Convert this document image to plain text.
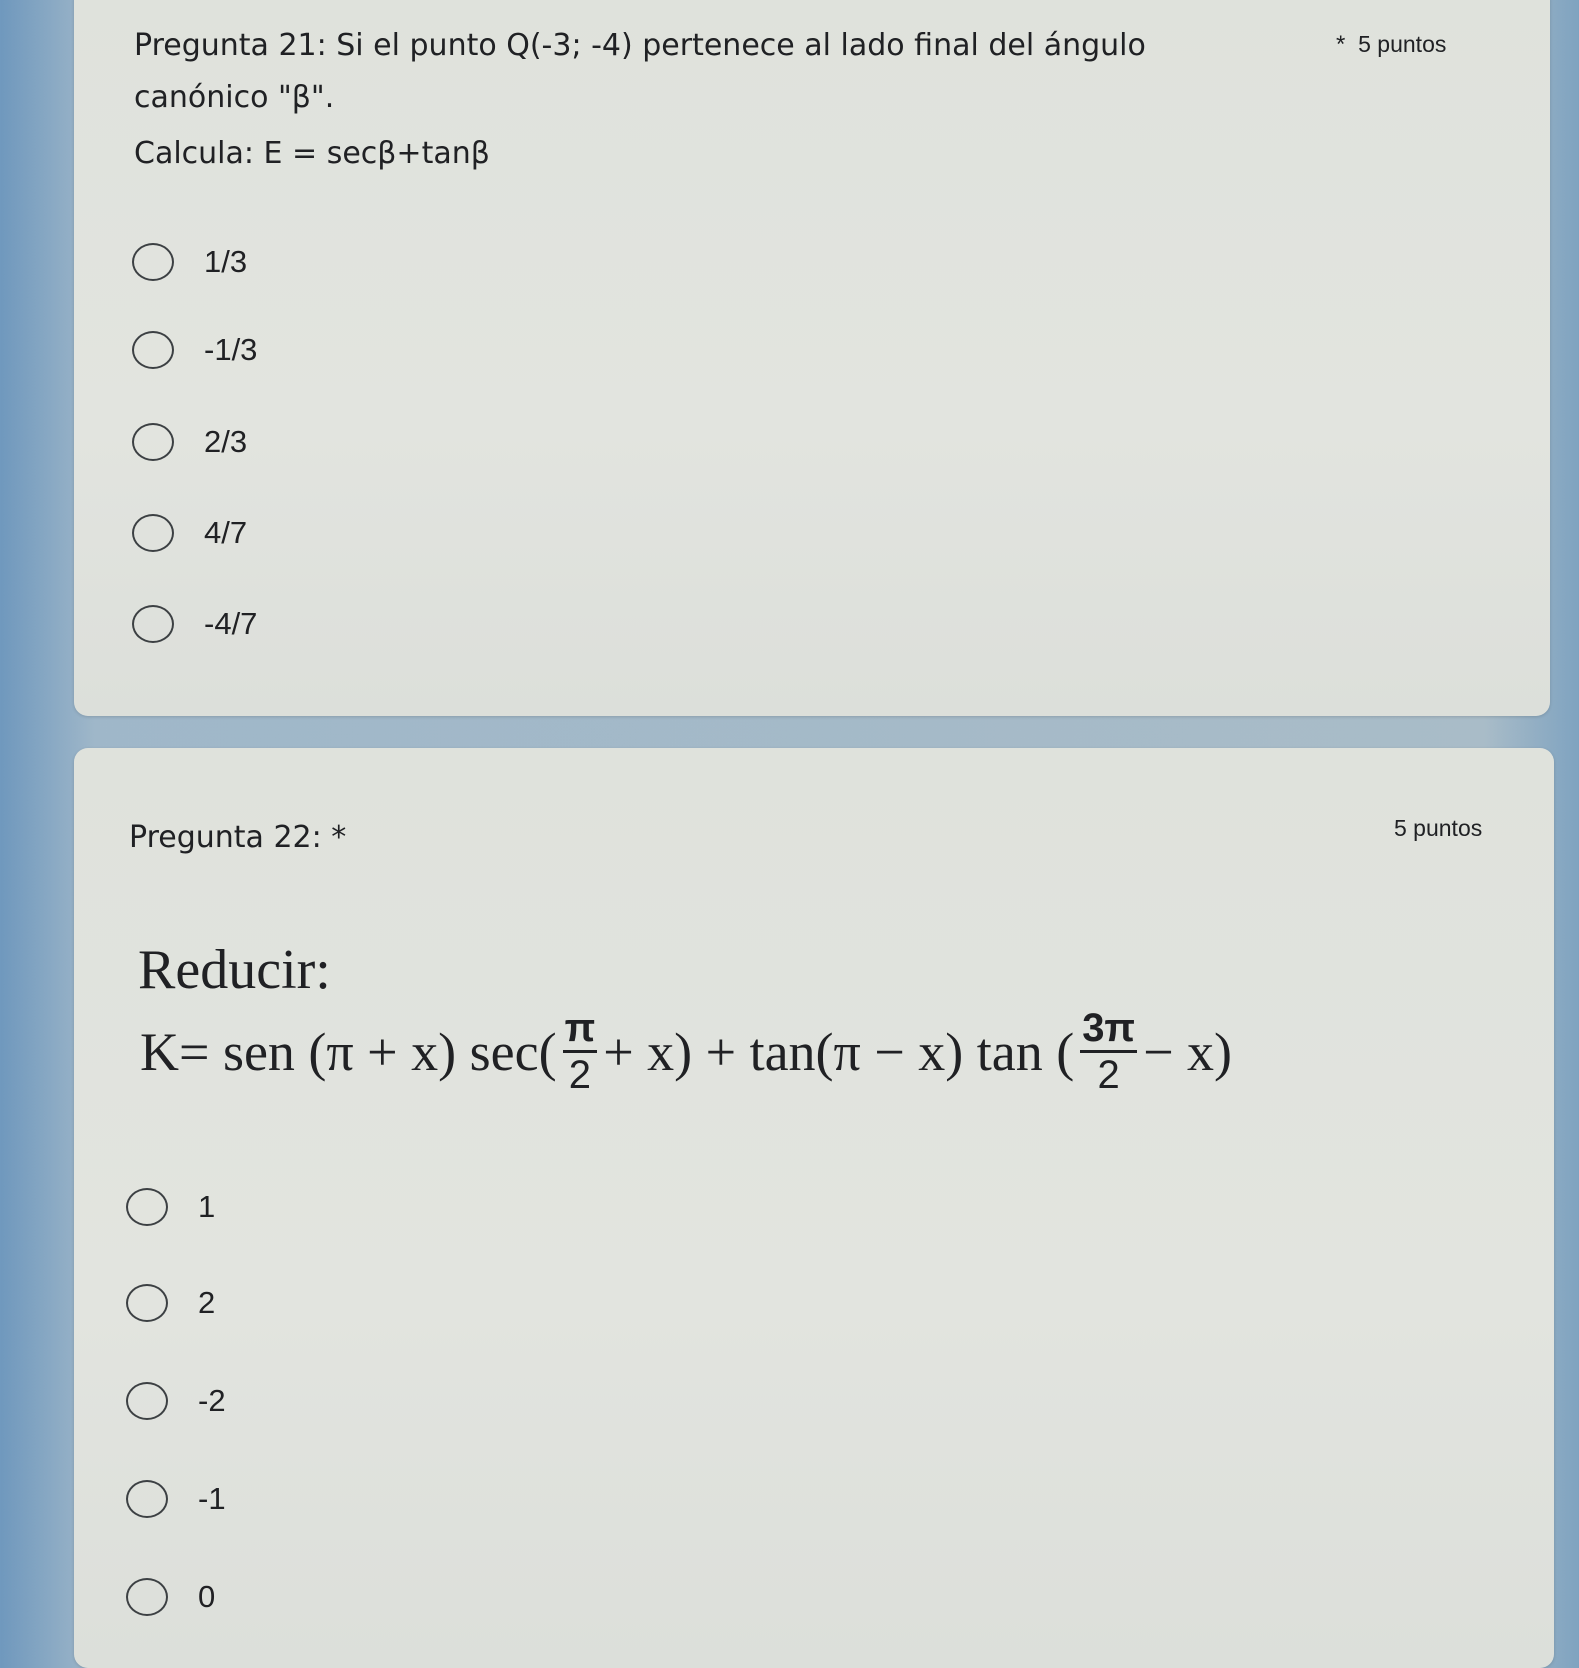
Pregunta 21: Si el punto Q(-3; -4) pertenece al lado final del ángulo	* 5 puntos

canónico "β".

Calcula: E = secβ+tanβ

1/3
-1/3
2/3
4/7
-4/7

Pregunta 22: *	5 puntos
Reducir:
K= sen (π + x) $\sec( \frac{\pi}{2} + x) + \tan(\pi - x)$ tan ( $\frac{3\pi}{2} - x$)
1
2
-2
-1
0
